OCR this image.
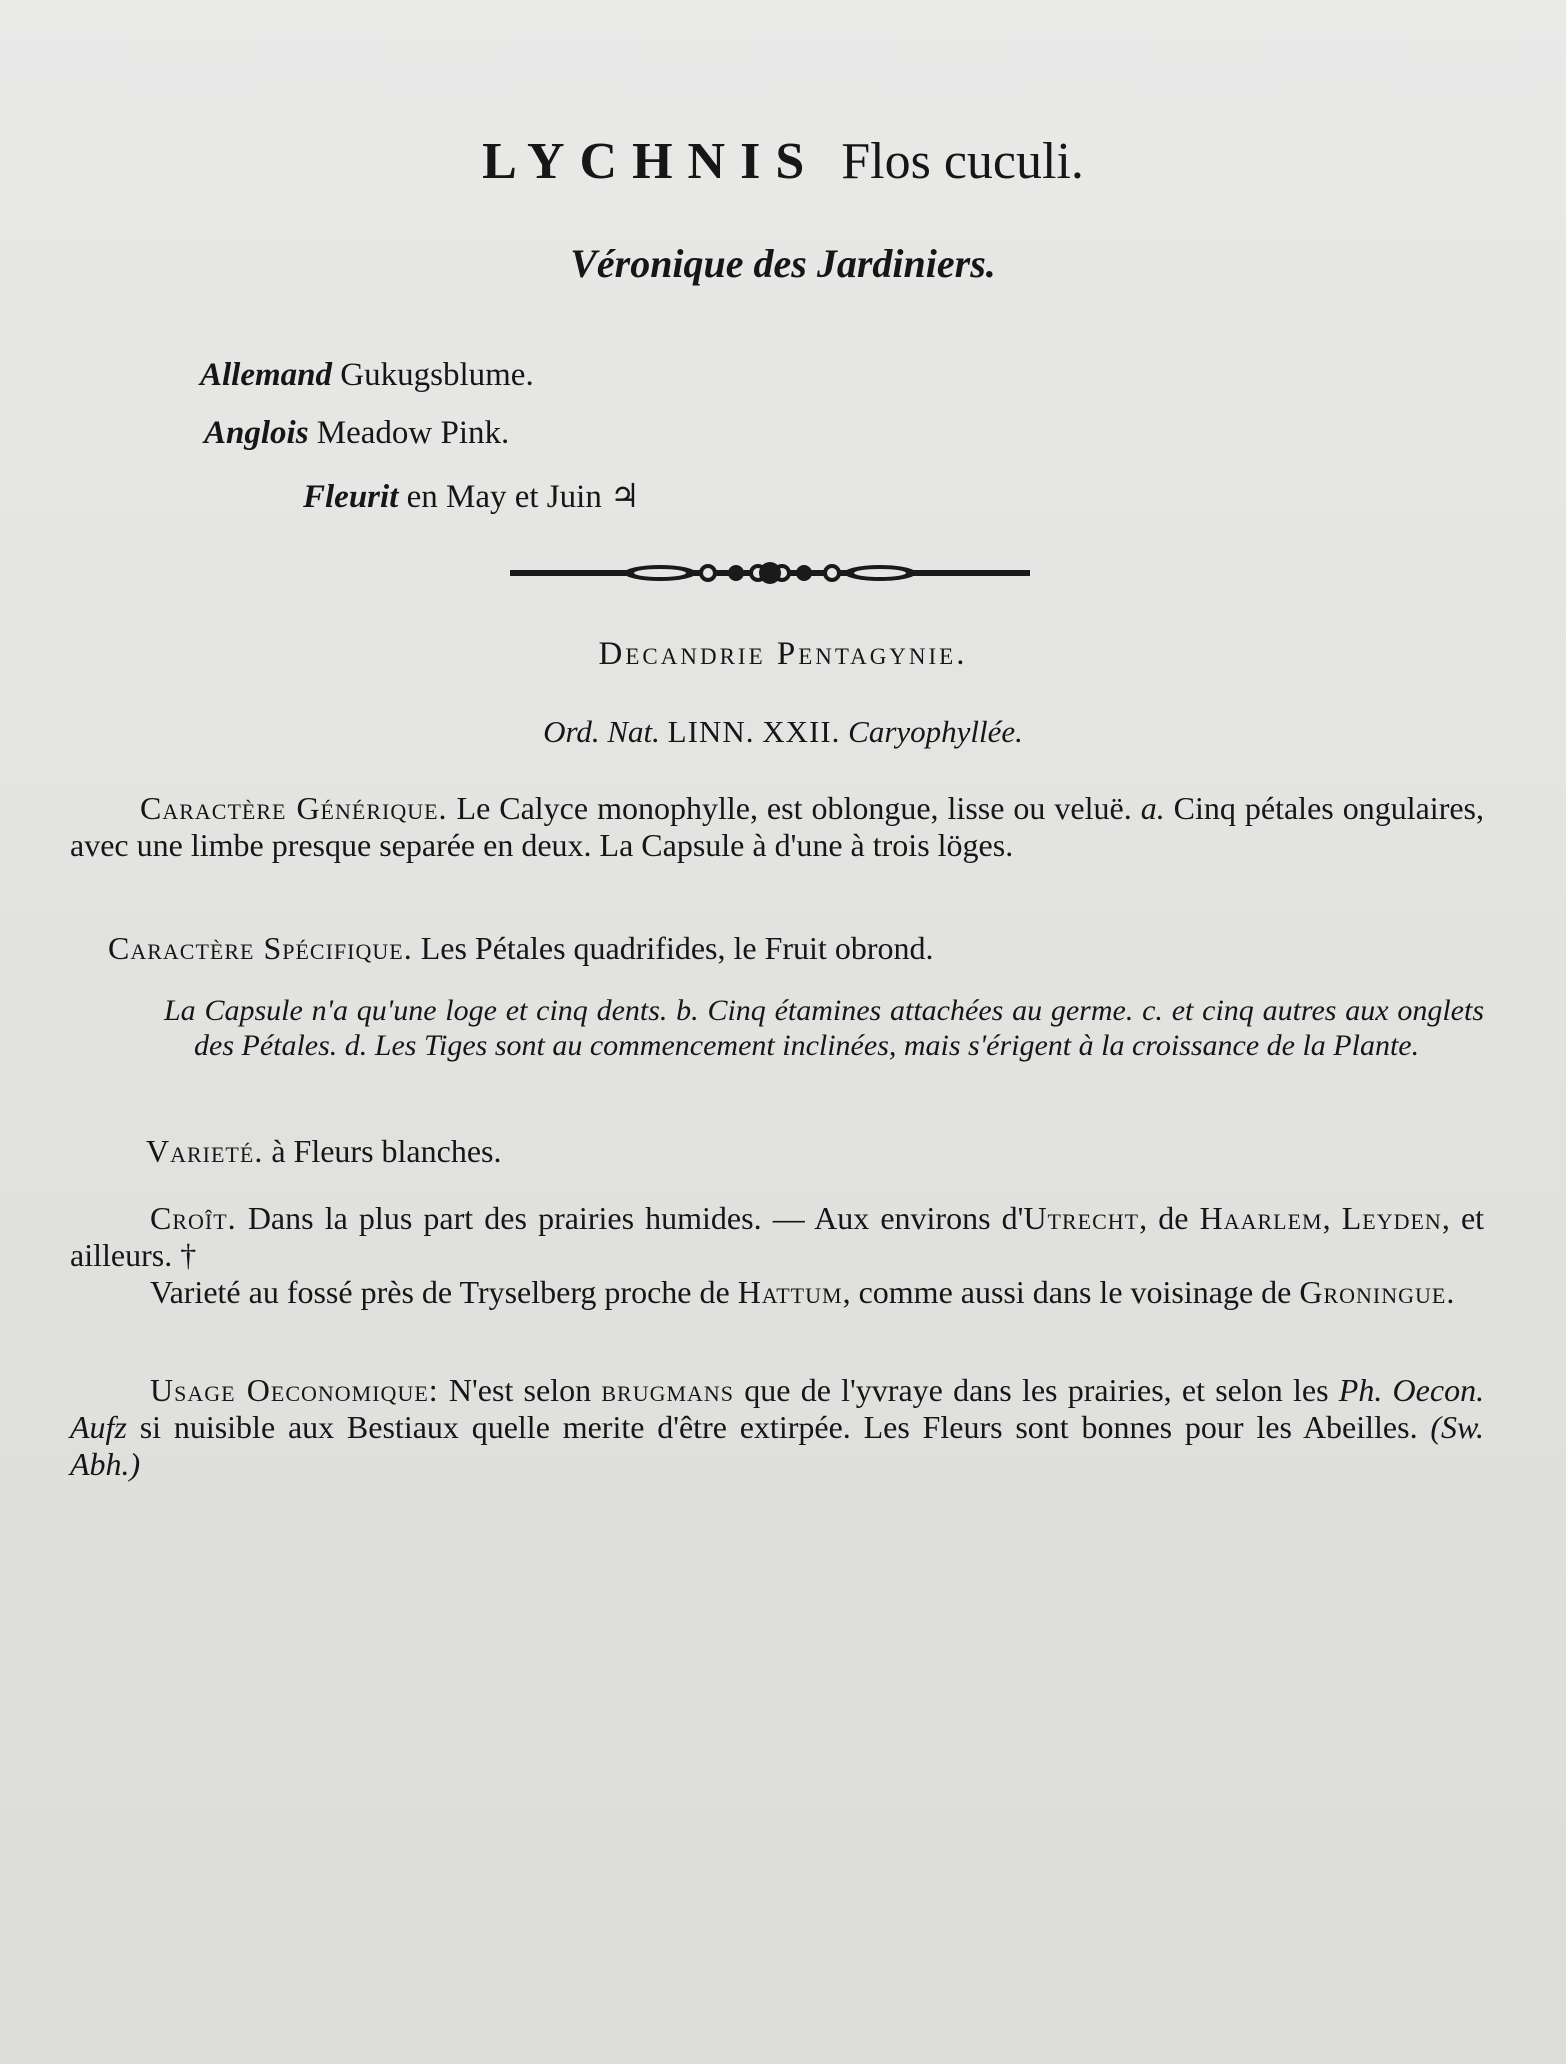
LYCHNIS Flos cuculi.
Véronique des Jardiniers.
Allemand Gukugsblume.
Anglois Meadow Pink.
Fleurit en May et Juin ♃
Decandrie Pentagynie.
Ord. Nat. LINN. XXII. Caryophyllée.

Caractère Générique. Le Calyce monophylle, est oblongue, lisse ou veluë. a. Cinq pétales ongulaires, avec une limbe presque separée en deux. La Capsule à d'une à trois löges.

Caractère Spécifique. Les Pétales quadrifides, le Fruit obrond.

La Capsule n'a qu'une loge et cinq dents. b. Cinq étamines attachées au germe. c. et cinq autres aux onglets des Pétales. d. Les Tiges sont au commencement inclinées, mais s'érigent à la croissance de la Plante.

Varieté. à Fleurs blanches.

Croît. Dans la plus part des prairies humides. — Aux environs d'Utrecht, de Haarlem, Leyden, et ailleurs. †

Varieté au fossé près de Tryselberg proche de Hattum, comme aussi dans le voisinage de Groningue.

Usage Oeconomique: N'est selon brugmans que de l'yvraye dans les prairies, et selon les Ph. Oecon. Aufz si nuisible aux Bestiaux quelle merite d'être extirpée. Les Fleurs sont bonnes pour les Abeilles. (Sw. Abh.)
